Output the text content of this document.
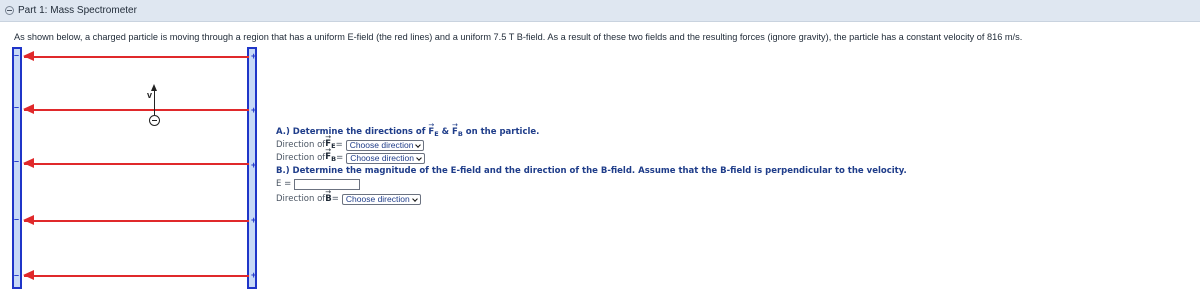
Part 1: Mass Spectrometer
As shown below, a charged particle is moving through a region that has a uniform E-field (the red lines) and a uniform 7.5 T B-field. As a result of these two fields and the resulting forces (ignore gravity), the particle has a constant velocity of 816 m/s.
–
–
–
–
–
+
+
+
+
+
v
A.) Determine the directions of → $F_E$ & → $F_B$ on the particle.
Direction of → $F_E$ = Choose direction
Direction of → $F_B$ = Choose direction
B.) Determine the magnitude of the E-field and the direction of the B-field. Assume that the B-field is perpendicular to the velocity.
E =
Direction of → B = Choose direction
